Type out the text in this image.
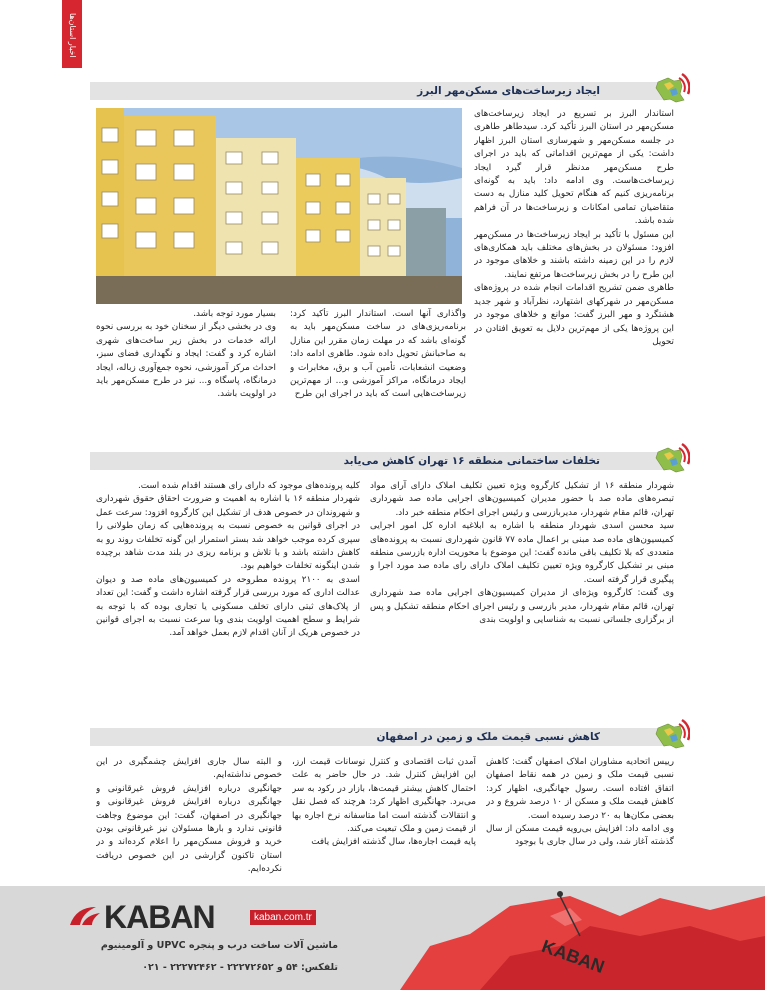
اخبار استان‌ها
ایجاد زیرساخت‌های مسکن‌مهر البرز

استاندار البرز بر تسریع در ایجاد زیرساخت‌های مسکن‌مهر در استان البرز تأکید کرد. سیدطاهر طاهری در جلسه مسکن‌مهر و شهرسازی استان البرز اظهار داشت: یکی از مهم‌ترین اقداماتی که باید در اجرای طرح مسکن‌مهر مدنظر قرار گیرد ایجاد زیرساخت‌هاست. وی ادامه داد: باید به گونه‌ای برنامه‌ریزی کنیم که هنگام تحویل کلید منازل به دست متقاضیان تمامی امکانات و زیرساخت‌ها در آن فراهم شده باشد.

این مسئول با تأکید بر ایجاد زیرساخت‌ها در مسکن‌مهر افزود: مسئولان در بخش‌های مختلف باید همکاری‌های لازم را در این زمینه داشته باشند و خلاهای موجود در این طرح را در بخش زیرساخت‌ها مرتفع نمایند.

طاهری ضمن تشریح اقدامات انجام شده در پروژه‌های مسکن‌مهر در شهرکهای اشتهارد، نظرآباد و شهر جدید هشتگرد و مهر البرز گفت: موانع و خلاهای موجود در این پروژه‌ها یکی از مهم‌ترین دلایل به تعویق افتادن در تحویل

واگذاری آنها است. استاندار البرز تأکید کرد: برنامه‌ریزی‌های در ساخت مسکن‌مهر باید به گونه‌ای باشد که در مهلت زمان مقرر این منازل به صاحبانش تحویل داده شود. طاهری ادامه داد: وضعیت انشعابات، تأمین آب و برق، مخابرات و ایجاد درمانگاه، مراکز آموزشی و... از مهم‌ترین زیرساخت‌هایی است که باید در اجرای این طرح

بسیار مورد توجه باشد.

وی در بخشی دیگر از سخنان خود به بررسی نحوه ارائه خدمات در بخش زیر ساخت‌های شهری اشاره کرد و گفت: ایجاد و نگهداری فضای سبز، احداث مرکز آموزشی، نحوه جمع‌آوری زباله، ایجاد درمانگاه، پاسگاه و... نیز در طرح مسکن‌مهر باید در اولویت باشد.

تخلفات ساختمانی منطقه ۱۶ تهران کاهش می‌یابد

شهردار منطقه ۱۶ از تشکیل کارگروه ویژه تعیین تکلیف املاک دارای آرای مواد تبصره‌های ماده صد با حضور مدیران کمیسیون‌های اجرایی ماده صد شهرداری تهران، قائم مقام شهردار، مدیربازرسی و رئیس اجرای احکام منطقه خبر داد.

سید محسن اسدی شهردار منطقه با اشاره به ابلاغیه اداره کل امور اجرایی کمیسیون‌های ماده صد مبنی بر اعمال ماده ۷۷ قانون شهرداری نسبت به پرونده‌های متعددی که بلا تکلیف باقی مانده گفت: این موضوع با محوریت اداره بازرسی منطقه مبنی بر تشکیل کارگروه ویژه تعیین تکلیف املاک دارای رای ماده صد مورد اجرا و پیگیری قرار گرفته است.

وی گفت: کارگروه ویژه‌ای از مدیران کمیسیون‌های اجرایی ماده صد شهرداری تهران، قائم مقام شهردار، مدیر بازرسی و رئیس اجرای احکام منطقه تشکیل و پس از برگزاری جلساتی نسبت به شناسایی و اولویت بندی

کلیه پرونده‌های موجود که دارای رای هستند اقدام شده است.

شهردار منطقه ۱۶ با اشاره به اهمیت و ضرورت احقاق حقوق شهرداری و شهروندان در خصوص هدف از تشکیل این کارگروه افزود: سرعت عمل در اجرای قوانین به خصوص نسبت به پرونده‌هایی که زمان طولانی را سپری کرده موجب خواهد شد بستر استمرار این گونه تخلفات روند رو به کاهش داشته باشد و با تلاش و برنامه ریزی در بلند مدت شاهد برچیده شدن اینگونه تخلفات خواهیم بود.

اسدی به ۲۱۰۰ پرونده مطروحه در کمیسیون‌های ماده صد و دیوان عدالت اداری که مورد بررسی قرار گرفته اشاره داشت و گفت: این تعداد از پلاک‌های ثبتی دارای تخلف مسکونی یا تجاری بوده که با توجه به شرایط و سطح اهمیت اولویت بندی وبا سرعت نسبت به اجرای قوانین در خصوص هریک از آنان اقدام لازم بعمل خواهد آمد.

کاهش نسبی قیمت ملک و زمین در اصفهان

رییس اتحادیه مشاوران املاک اصفهان گفت: کاهش نسبی قیمت ملک و زمین در همه نقاط اصفهان اتفاق افتاده است. رسول جهانگیری، اظهار کرد: کاهش قیمت ملک و مسکن از ۱۰ درصد شروع و در بعضی مکان‌ها به ۲۰ درصد رسیده است.

وی ادامه داد: افزایش بی‌رویه قیمت مسکن از سال گذشته آغاز شد، ولی در سال جاری با بوجود

آمدن ثبات اقتصادی و کنترل نوسانات قیمت ارز، این افزایش کنترل شد. در حال حاضر به علت احتمال کاهش بیشتر قیمت‌ها، بازار در رکود به سر می‌برد. جهانگیری اظهار کرد: هرچند که فصل نقل و انتقالات گذشته است اما متاسفانه نرخ اجاره بها از قیمت زمین و ملک تبعیت می‌کند.

پایه قیمت اجاره‌ها، سال گذشته افزایش یافت

و البته سال جاری افزایش چشمگیری در این خصوص نداشته‌ایم.

جهانگیری درباره افزایش فروش غیرقانونی و جهانگیری درباره افزایش فروش غیرقانونی و جهانگیری در اصفهان، گفت: این موضوع وجاهت قانونی ندارد و بارها مسئولان نیز غیرقانونی بودن خرید و فروش مسکن‌مهر را اعلام کرده‌اند و در استان تاکنون گزارشی در این خصوص دریافت نکرده‌ایم.

KABAN
KABAN	kaban.com.tr
ماشین آلات ساخت درب و پنجره UPVC و آلومینیوم
تلفکس: ۵۴ و ۲۲۲۷۲۶۵۲ - ۲۲۲۷۲۴۶۲ - ۰۲۱
